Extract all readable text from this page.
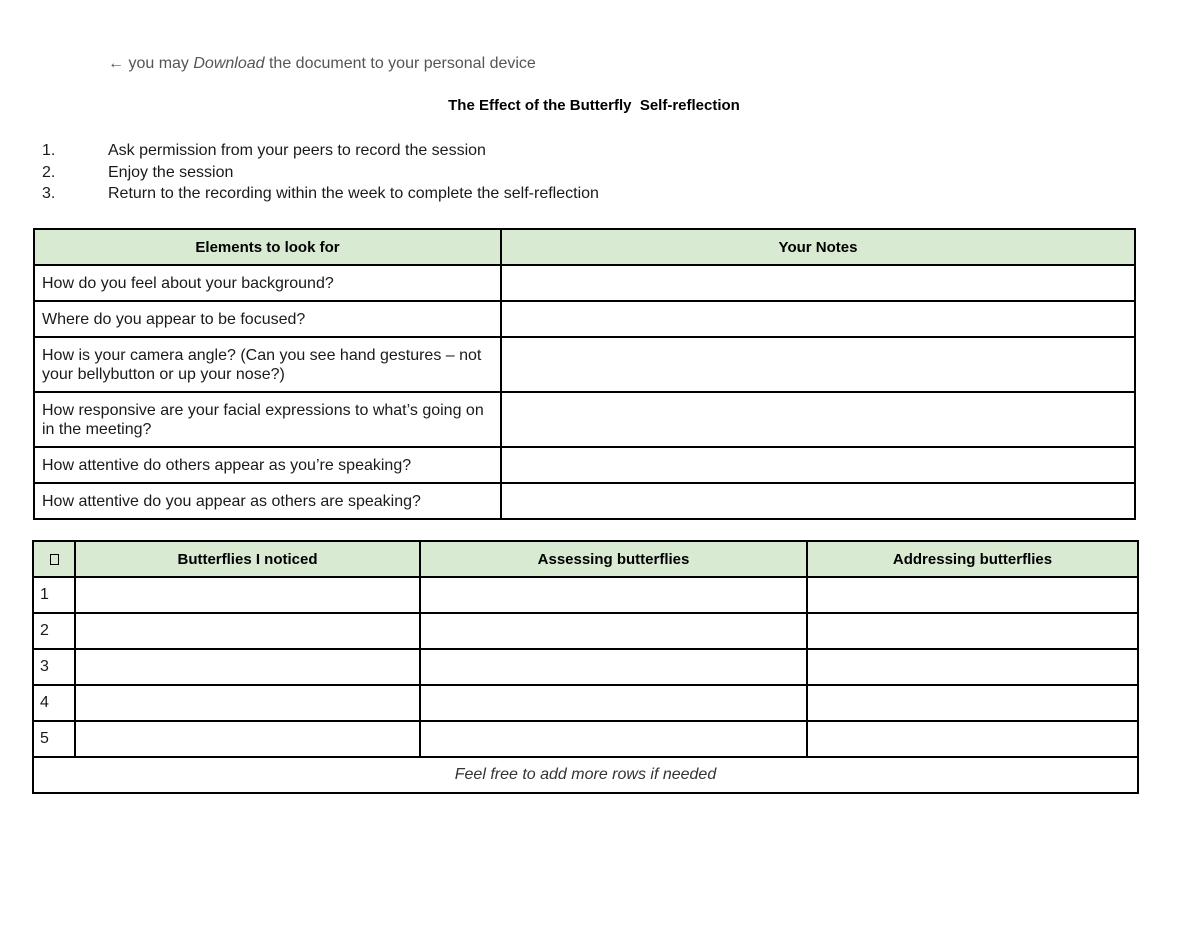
← you may Download the document to your personal device
The Effect of the Butterfly  Self-reflection
1.	Ask permission from your peers to record the session
2.	Enjoy the session
3.	Return to the recording within the week to complete the self-reflection
Elements to look for	Your Notes
How do you feel about your background?	
Where do you appear to be focused?	
How is your camera angle? (Can you see hand gestures – not your bellybutton or up your nose?)	
How responsive are your facial expressions to what’s going on in the meeting?	
How attentive do others appear as you’re speaking?	
How attentive do you appear as others are speaking?	
	Butterflies I noticed	Assessing butterflies	Addressing butterflies
1			
2			
3			
4			
5			
Feel free to add more rows if needed			
